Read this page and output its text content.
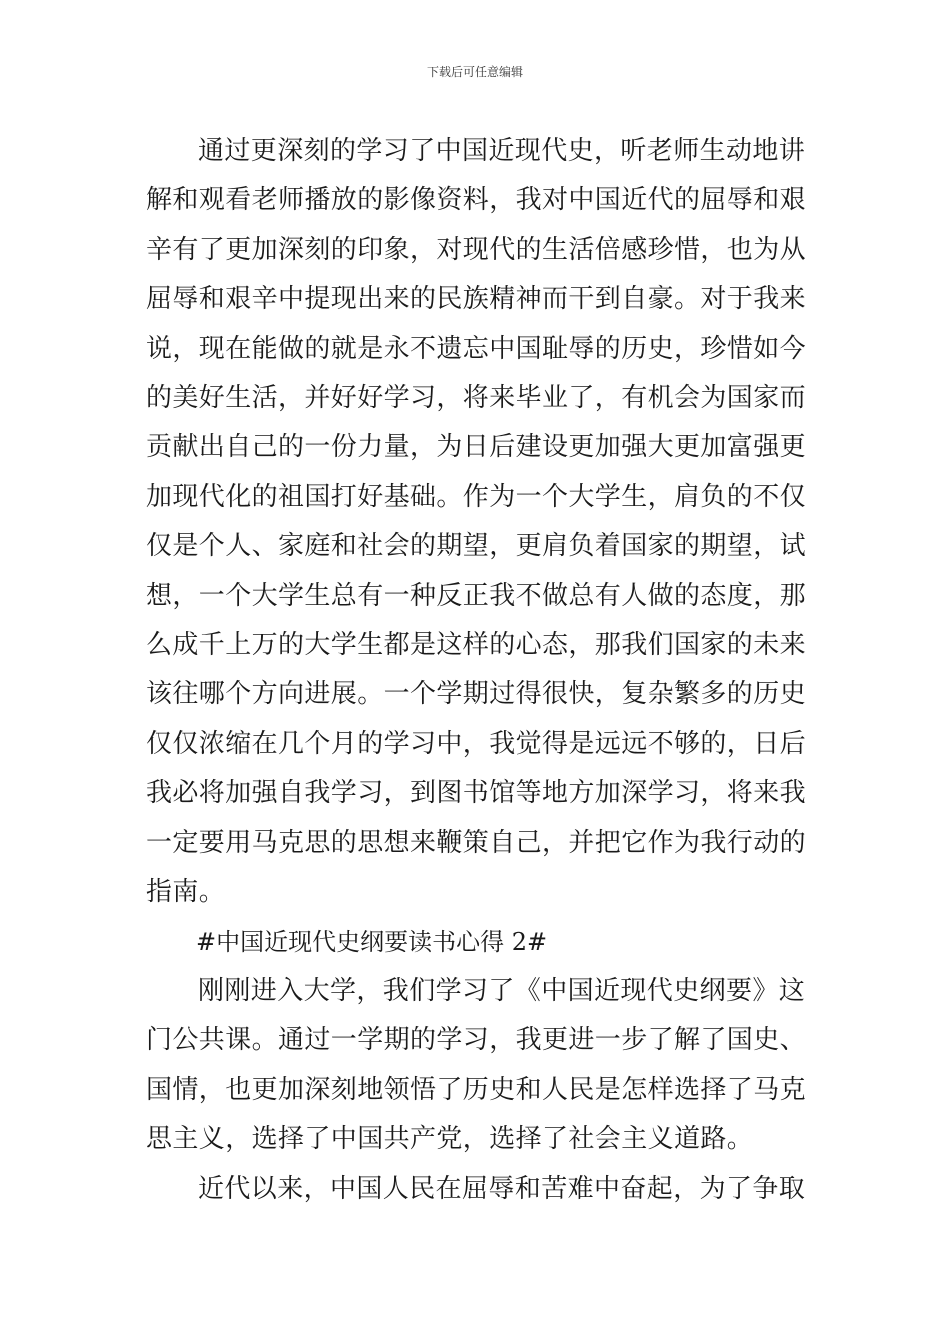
下载后可任意编辑

通过更深刻的学习了中国近现代史，听老师生动地讲

解和观看老师播放的影像资料，我对中国近代的屈辱和艰

辛有了更加深刻的印象，对现代的生活倍感珍惜，也为从

屈辱和艰辛中提现出来的民族精神而干到自豪。对于我来

说，现在能做的就是永不遗忘中国耻辱的历史，珍惜如今

的美好生活，并好好学习，将来毕业了，有机会为国家而

贡献出自己的一份力量，为日后建设更加强大更加富强更

加现代化的祖国打好基础。作为一个大学生，肩负的不仅

仅是个人、家庭和社会的期望，更肩负着国家的期望，试

想，一个大学生总有一种反正我不做总有人做的态度，那

么成千上万的大学生都是这样的心态，那我们国家的未来

该往哪个方向进展。一个学期过得很快，复杂繁多的历史

仅仅浓缩在几个月的学习中，我觉得是远远不够的，日后

我必将加强自我学习，到图书馆等地方加深学习，将来我

一定要用马克思的思想来鞭策自己，并把它作为我行动的

指南。

#中国近现代史纲要读书心得 2#

刚刚进入大学，我们学习了《中国近现代史纲要》这

门公共课。通过一学期的学习，我更进一步了解了国史、

国情，也更加深刻地领悟了历史和人民是怎样选择了马克

思主义，选择了中国共产党，选择了社会主义道路。

近代以来，中国人民在屈辱和苦难中奋起，为了争取
